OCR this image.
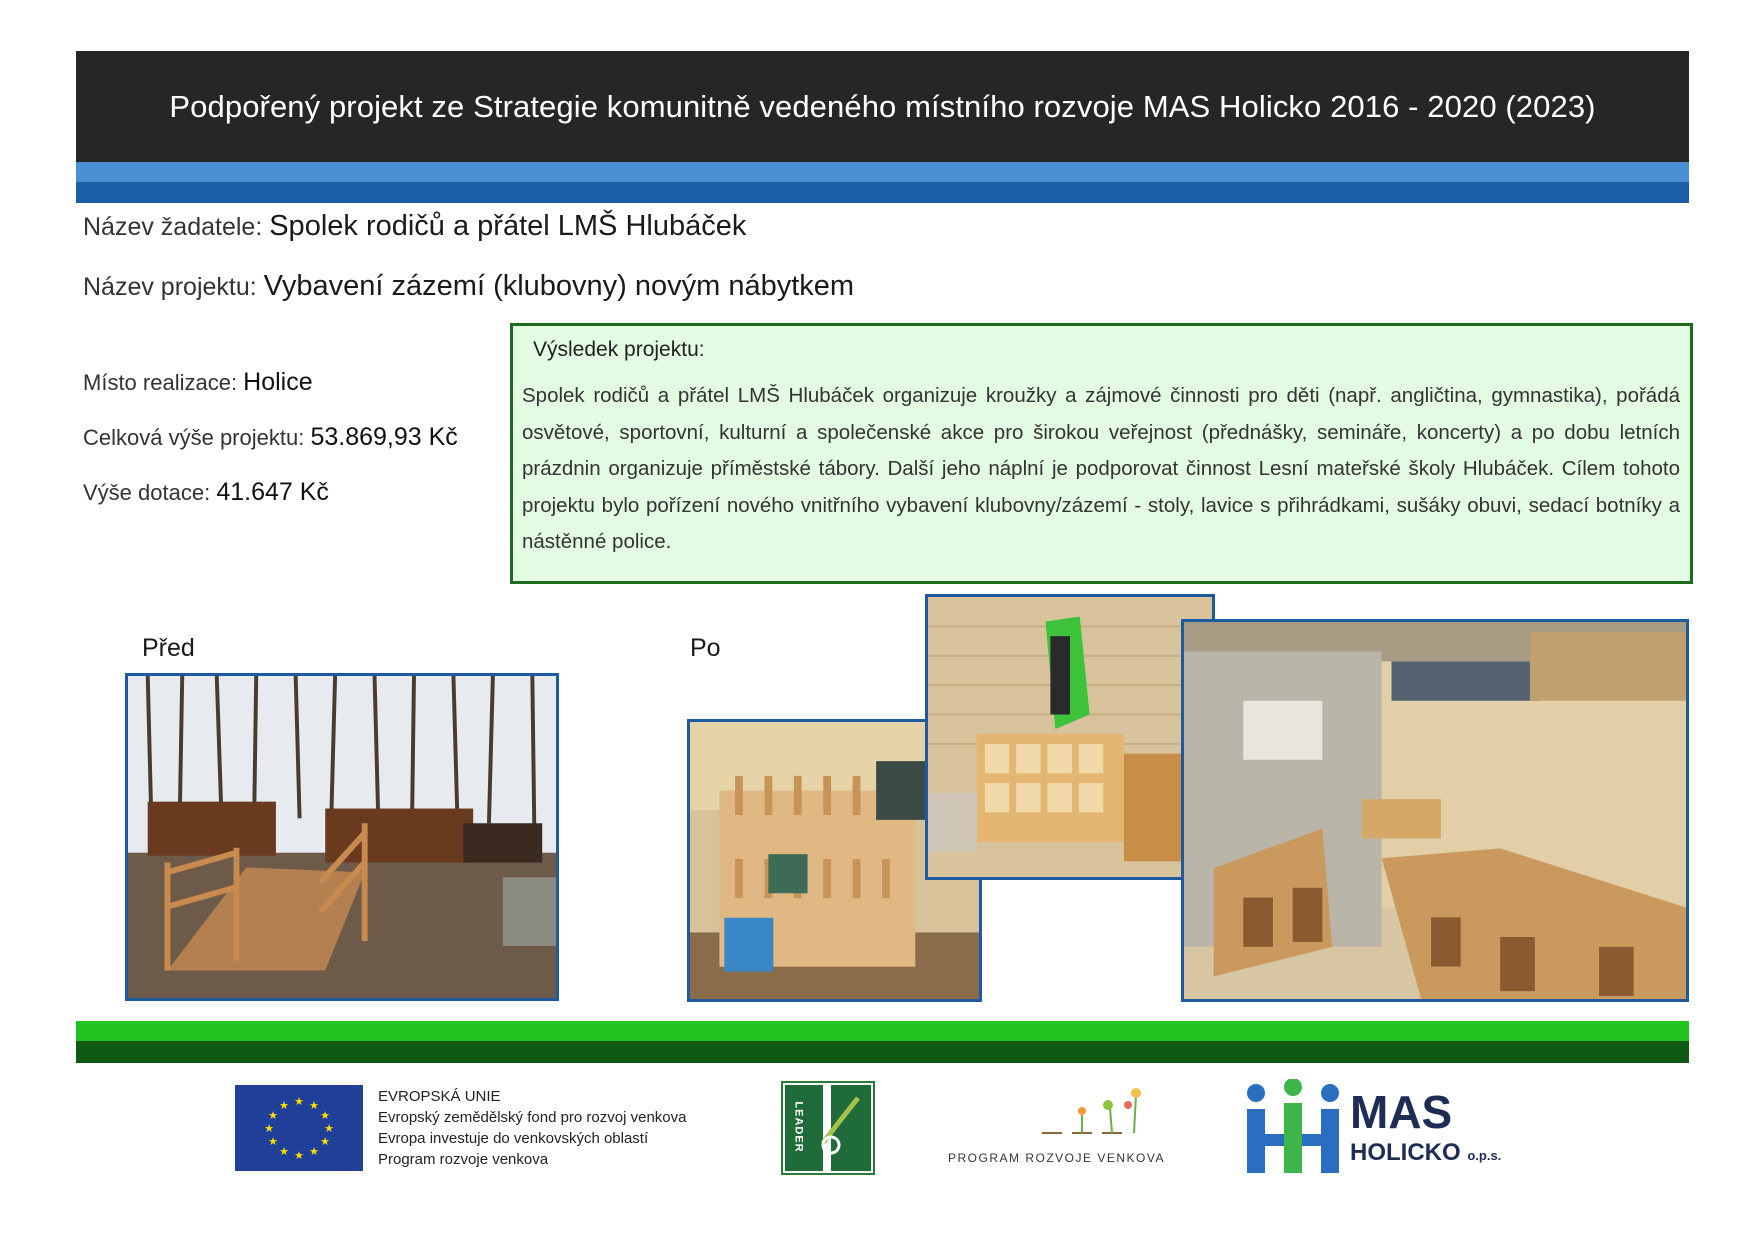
Podpořený projekt ze Strategie komunitně vedeného místního rozvoje MAS Holicko 2016 - 2020 (2023)
Název žadatele: Spolek rodičů a přátel LMŠ Hlubáček
Název projektu: Vybavení zázemí (klubovny) novým nábytkem
Místo realizace: Holice
Celková výše projektu: 53.869,93 Kč
Výše dotace: 41.647 Kč
Výsledek projektu:
Spolek rodičů a přátel LMŠ Hlubáček organizuje kroužky a zájmové činnosti pro děti (např. angličtina, gymnastika), pořádá osvětové, sportovní, kulturní a společenské akce pro širokou veřejnost (přednášky, semináře, koncerty) a po dobu letních prázdnin organizuje příměstské tábory. Další jeho náplní je podporovat činnost Lesní mateřské školy Hlubáček. Cílem tohoto projektu bylo pořízení nového vnitřního vybavení klubovny/zázemí - stoly, lavice s přihrádkami, sušáky obuvi, sedací botníky a nástěnné police.
Před	Po
★ ★
★
★
★
★
★
★
★
★
★
★
EVROPSKÁ UNIE
Evropský zemědělský fond pro rozvoj venkova
Evropa investuje do venkovských oblastí
Program rozvoje venkova
LEADER
PROGRAM ROZVOJE VENKOVA
MAS
HOLICKO o.p.s.
